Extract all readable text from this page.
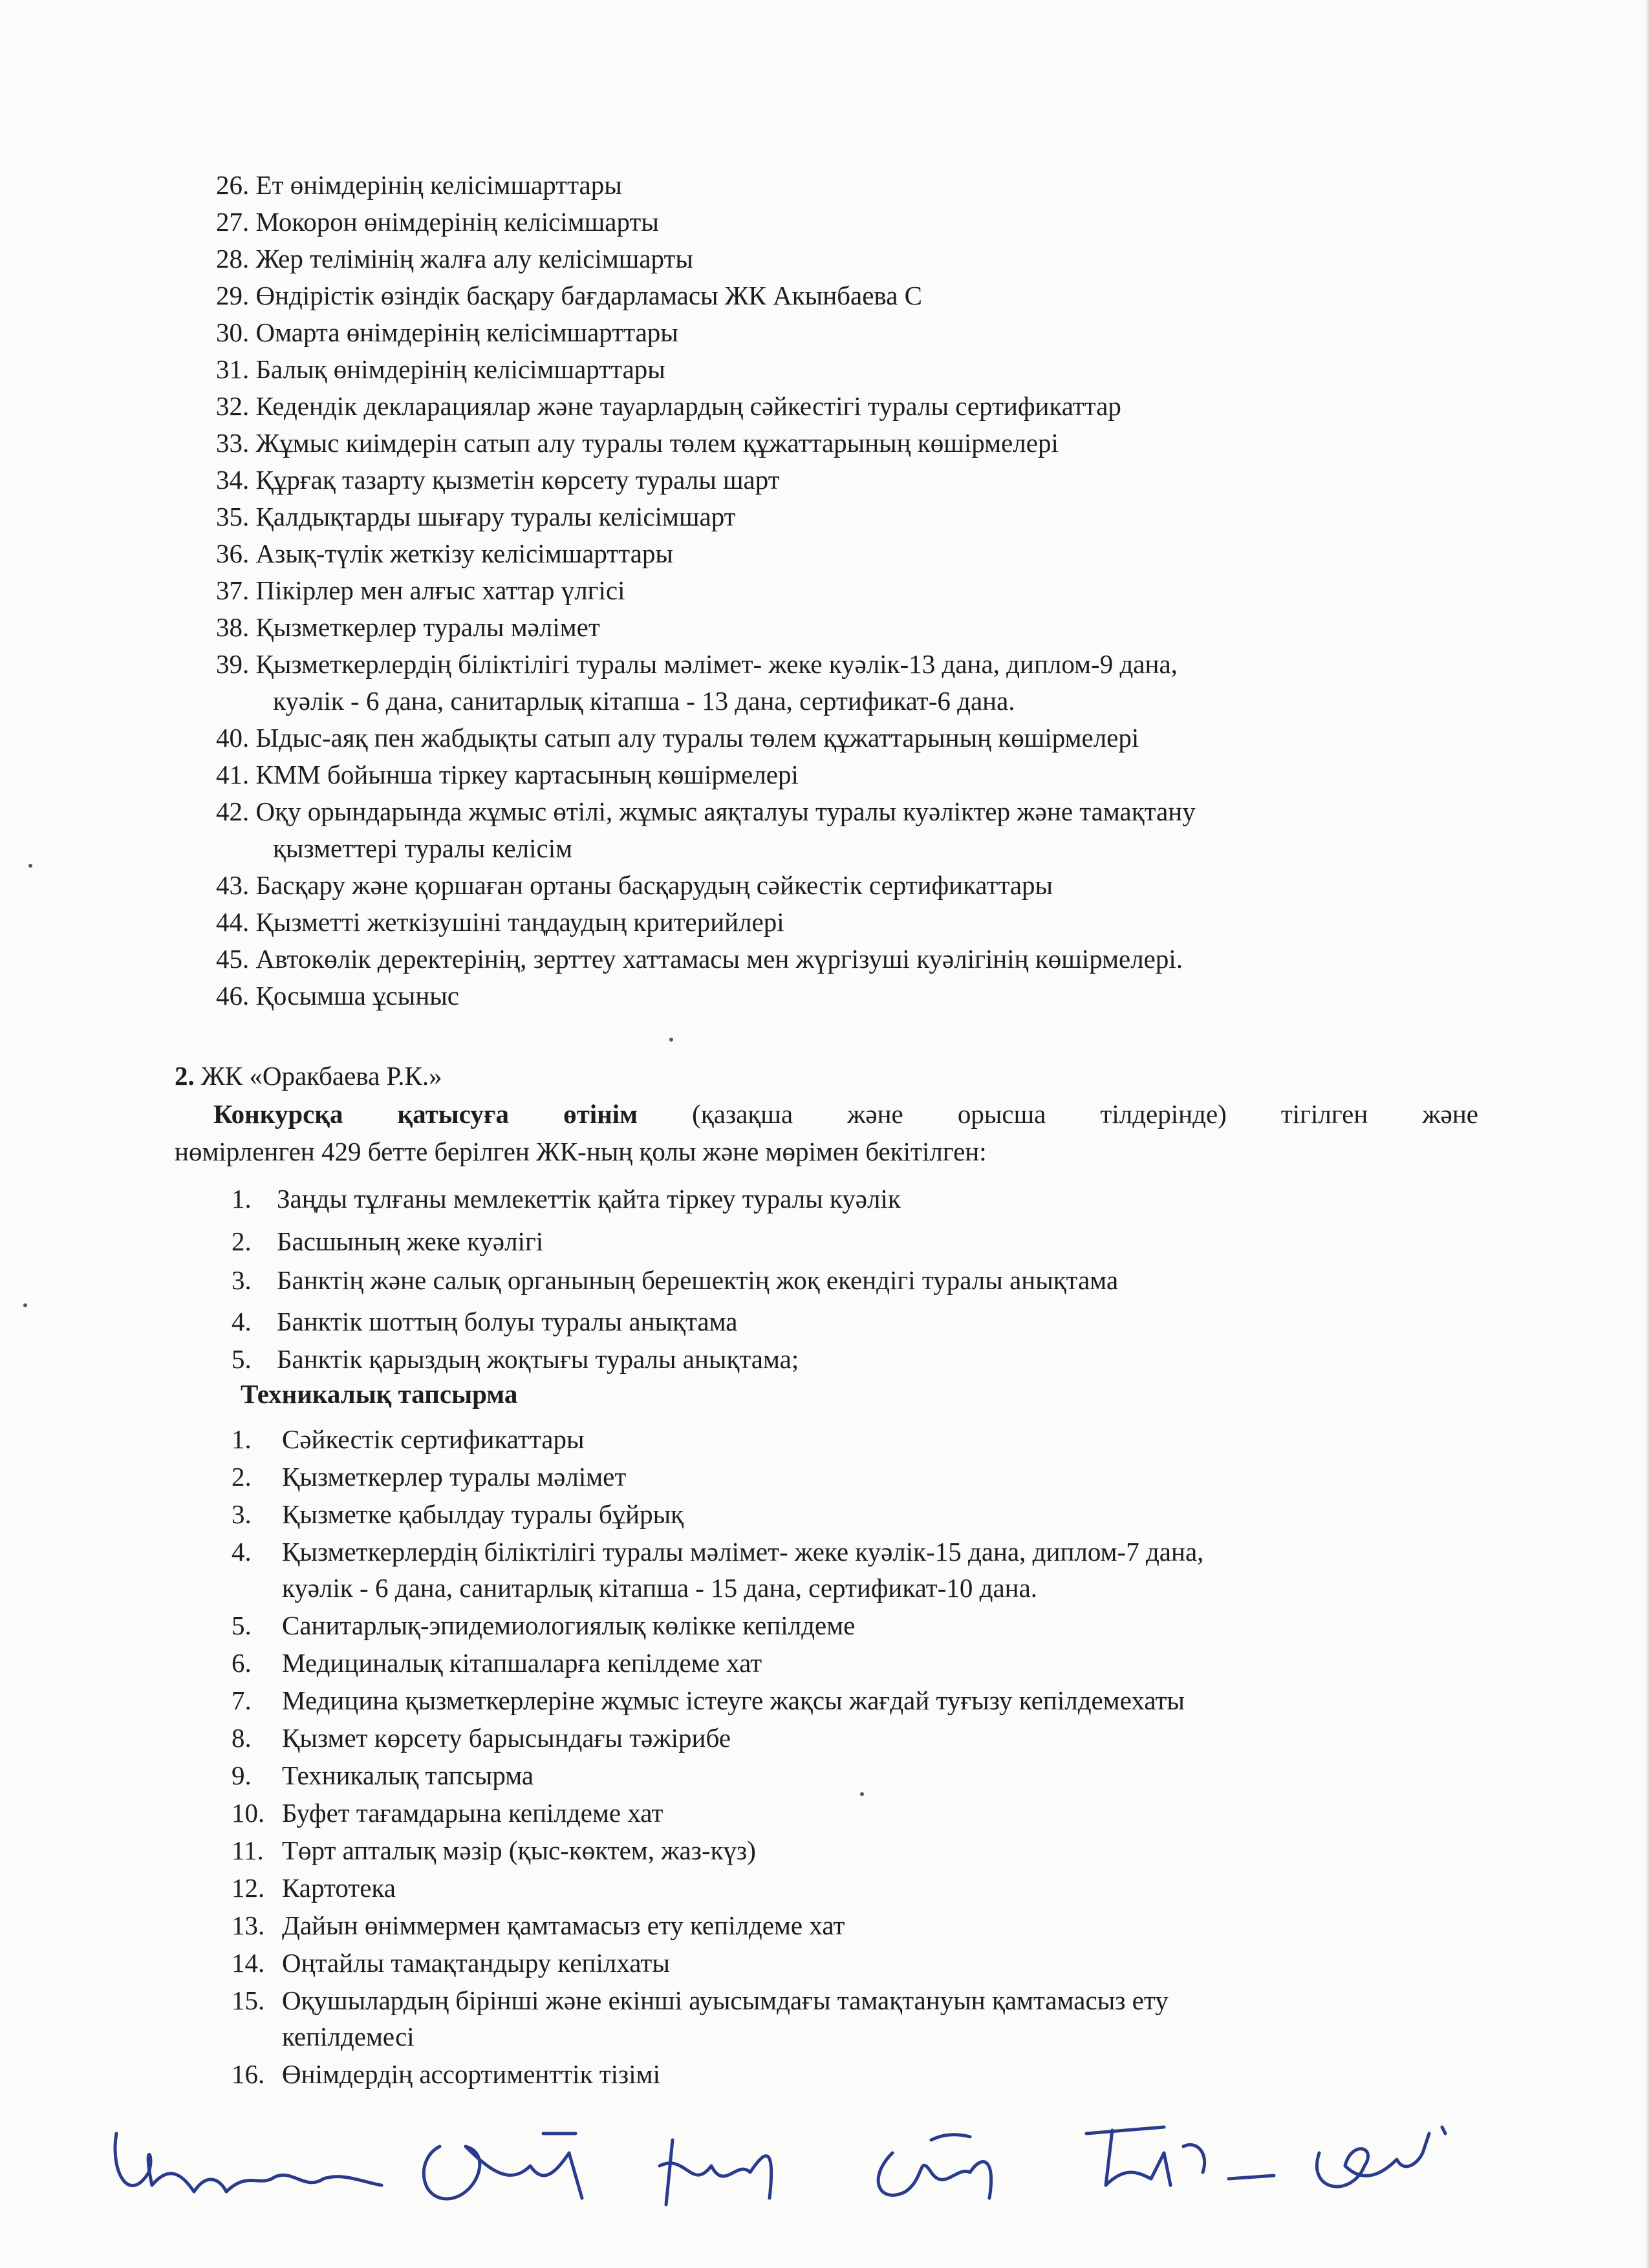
26. Ет өнімдерінің келісімшарттары
27. Мокорон өнімдерінің келісімшарты
28. Жер телімінің жалға алу келісімшарты
29. Өндірістік өзіндік басқару бағдарламасы ЖК Акынбаева С
30. Омарта өнімдерінің келісімшарттары
31. Балық өнімдерінің келісімшарттары
32. Кедендік декларациялар және тауарлардың сәйкестігі туралы сертификаттар
33. Жұмыс киімдерін сатып алу туралы төлем құжаттарының көшірмелері
34. Құрғақ тазарту қызметін көрсету туралы шарт
35. Қалдықтарды шығару туралы келісімшарт
36. Азық-түлік жеткізу келісімшарттары
37. Пікірлер мен алғыс хаттар үлгісі
38. Қызметкерлер туралы мәлімет
39. Қызметкерлердің біліктілігі туралы мәлімет- жеке куәлік-13 дана, диплом-9 дана,
куәлік - 6 дана, санитарлық кітапша - 13 дана, сертификат-6 дана.
40. Ыдыс-аяқ пен жабдықты сатып алу туралы төлем құжаттарының көшірмелері
41. КММ бойынша тіркеу картасының көшірмелері
42. Оқу орындарында жұмыс өтілі, жұмыс аяқталуы туралы куәліктер және тамақтану
қызметтері туралы келісім
43. Басқару және қоршаған ортаны басқарудың сәйкестік сертификаттары
44. Қызметті жеткізушіні таңдаудың критерийлері
45. Автокөлік деректерінің, зерттеу хаттамасы мен жүргізуші куәлігінің көшірмелері.
46. Қосымша ұсыныс
2. ЖК «Оракбаева Р.К.»
Конкурсқа қатысуға өтінім (қазақша және орысша тілдерінде) тігілген және
нөмірленген 429 бетте берілген ЖК-ның қолы және мөрімен бекітілген:
1. Заңды тұлғаны мемлекеттік қайта тіркеу туралы куәлік
2. Басшының жеке куәлігі
3. Банктің және салық органының берешектің жоқ екендігі туралы анықтама
4. Банктік шоттың болуы туралы анықтама
5. Банктік қарыздың жоқтығы туралы анықтама;
Техникалық тапсырма
1. Сәйкестік сертификаттары
2. Қызметкерлер туралы мәлімет
3. Қызметке қабылдау туралы бұйрық
4. Қызметкерлердің біліктілігі туралы мәлімет- жеке куәлік-15 дана, диплом-7 дана,
куәлік - 6 дана, санитарлық кітапша - 15 дана, сертификат-10 дана.
5. Санитарлық-эпидемиологиялық көлікке кепілдеме
6. Медициналық кітапшаларға кепілдеме хат
7. Медицина қызметкерлеріне жұмыс істеуге жақсы жағдай туғызу кепілдемехаты
8. Қызмет көрсету барысындағы тәжірибе
9. Техникалық тапсырма
10. Буфет тағамдарына кепілдеме хат
11. Төрт апталық мәзір (қыс-көктем, жаз-күз)
12. Картотека
13. Дайын өніммермен қамтамасыз ету кепілдеме хат
14. Оңтайлы тамақтандыру кепілхаты
15. Оқушылардың бірінші және екінші ауысымдағы тамақтануын қамтамасыз ету
кепілдемесі
16. Өнімдердің ассортименттік тізімі
